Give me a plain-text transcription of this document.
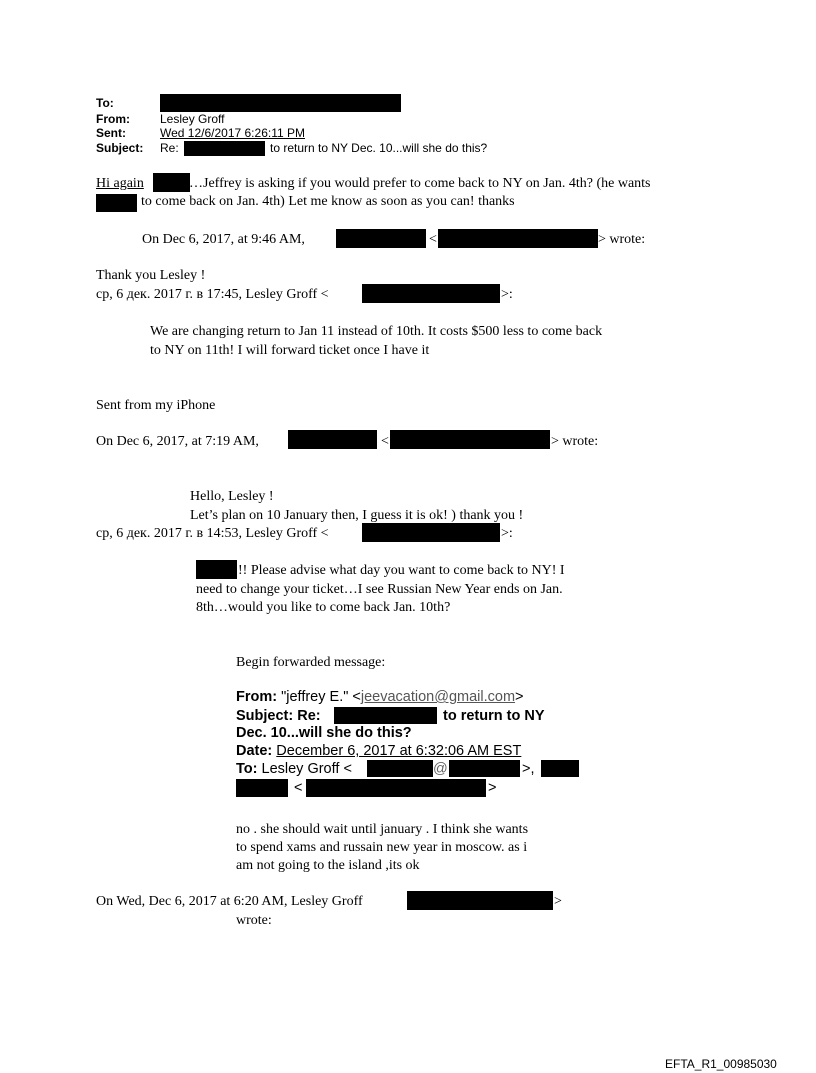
To:
From:	Lesley Groff
Sent:	Wed 12/6/2017 6:26:11 PM
Subject: Re:	to return to NY Dec. 10...will she do this?
Hi again	…Jeffrey is asking if you would prefer to come back to NY on Jan. 4th? (he wants
to come back on Jan. 4th) Let me know as soon as you can! thanks
On Dec 6, 2017, at 9:46 AM,	<	> wrote:
Thank you Lesley !
ср, 6 дек. 2017 г. в 17:45, Lesley Groff <	>:
We are changing return to Jan 11 instead of 10th. It costs $500 less to come back
to NY on 11th! I will forward ticket once I have it
Sent from my iPhone
On Dec 6, 2017, at 7:19 AM,	<	> wrote:
Hello, Lesley !
Let’s plan on 10 January then, I guess it is ok! ) thank you !
ср, 6 дек. 2017 г. в 14:53, Lesley Groff <	>:
!! Please advise what day you want to come back to NY! I
need to change your ticket…I see Russian New Year ends on Jan.
8th…would you like to come back Jan. 10th?
Begin forwarded message:
From: "jeffrey E." <jeevacation@gmail.com>
Subject: Re:	to return to NY
Dec. 10...will she do this?
Date: December 6, 2017 at 6:32:06 AM EST
To: Lesley Groff <	@	>,
<	>
no . she should wait until january . I think she wants
to spend xams and russain new year in moscow. as i
am not going to the island ,its ok
On Wed, Dec 6, 2017 at 6:20 AM, Lesley Groff	>
wrote:
EFTA_R1_00985030
